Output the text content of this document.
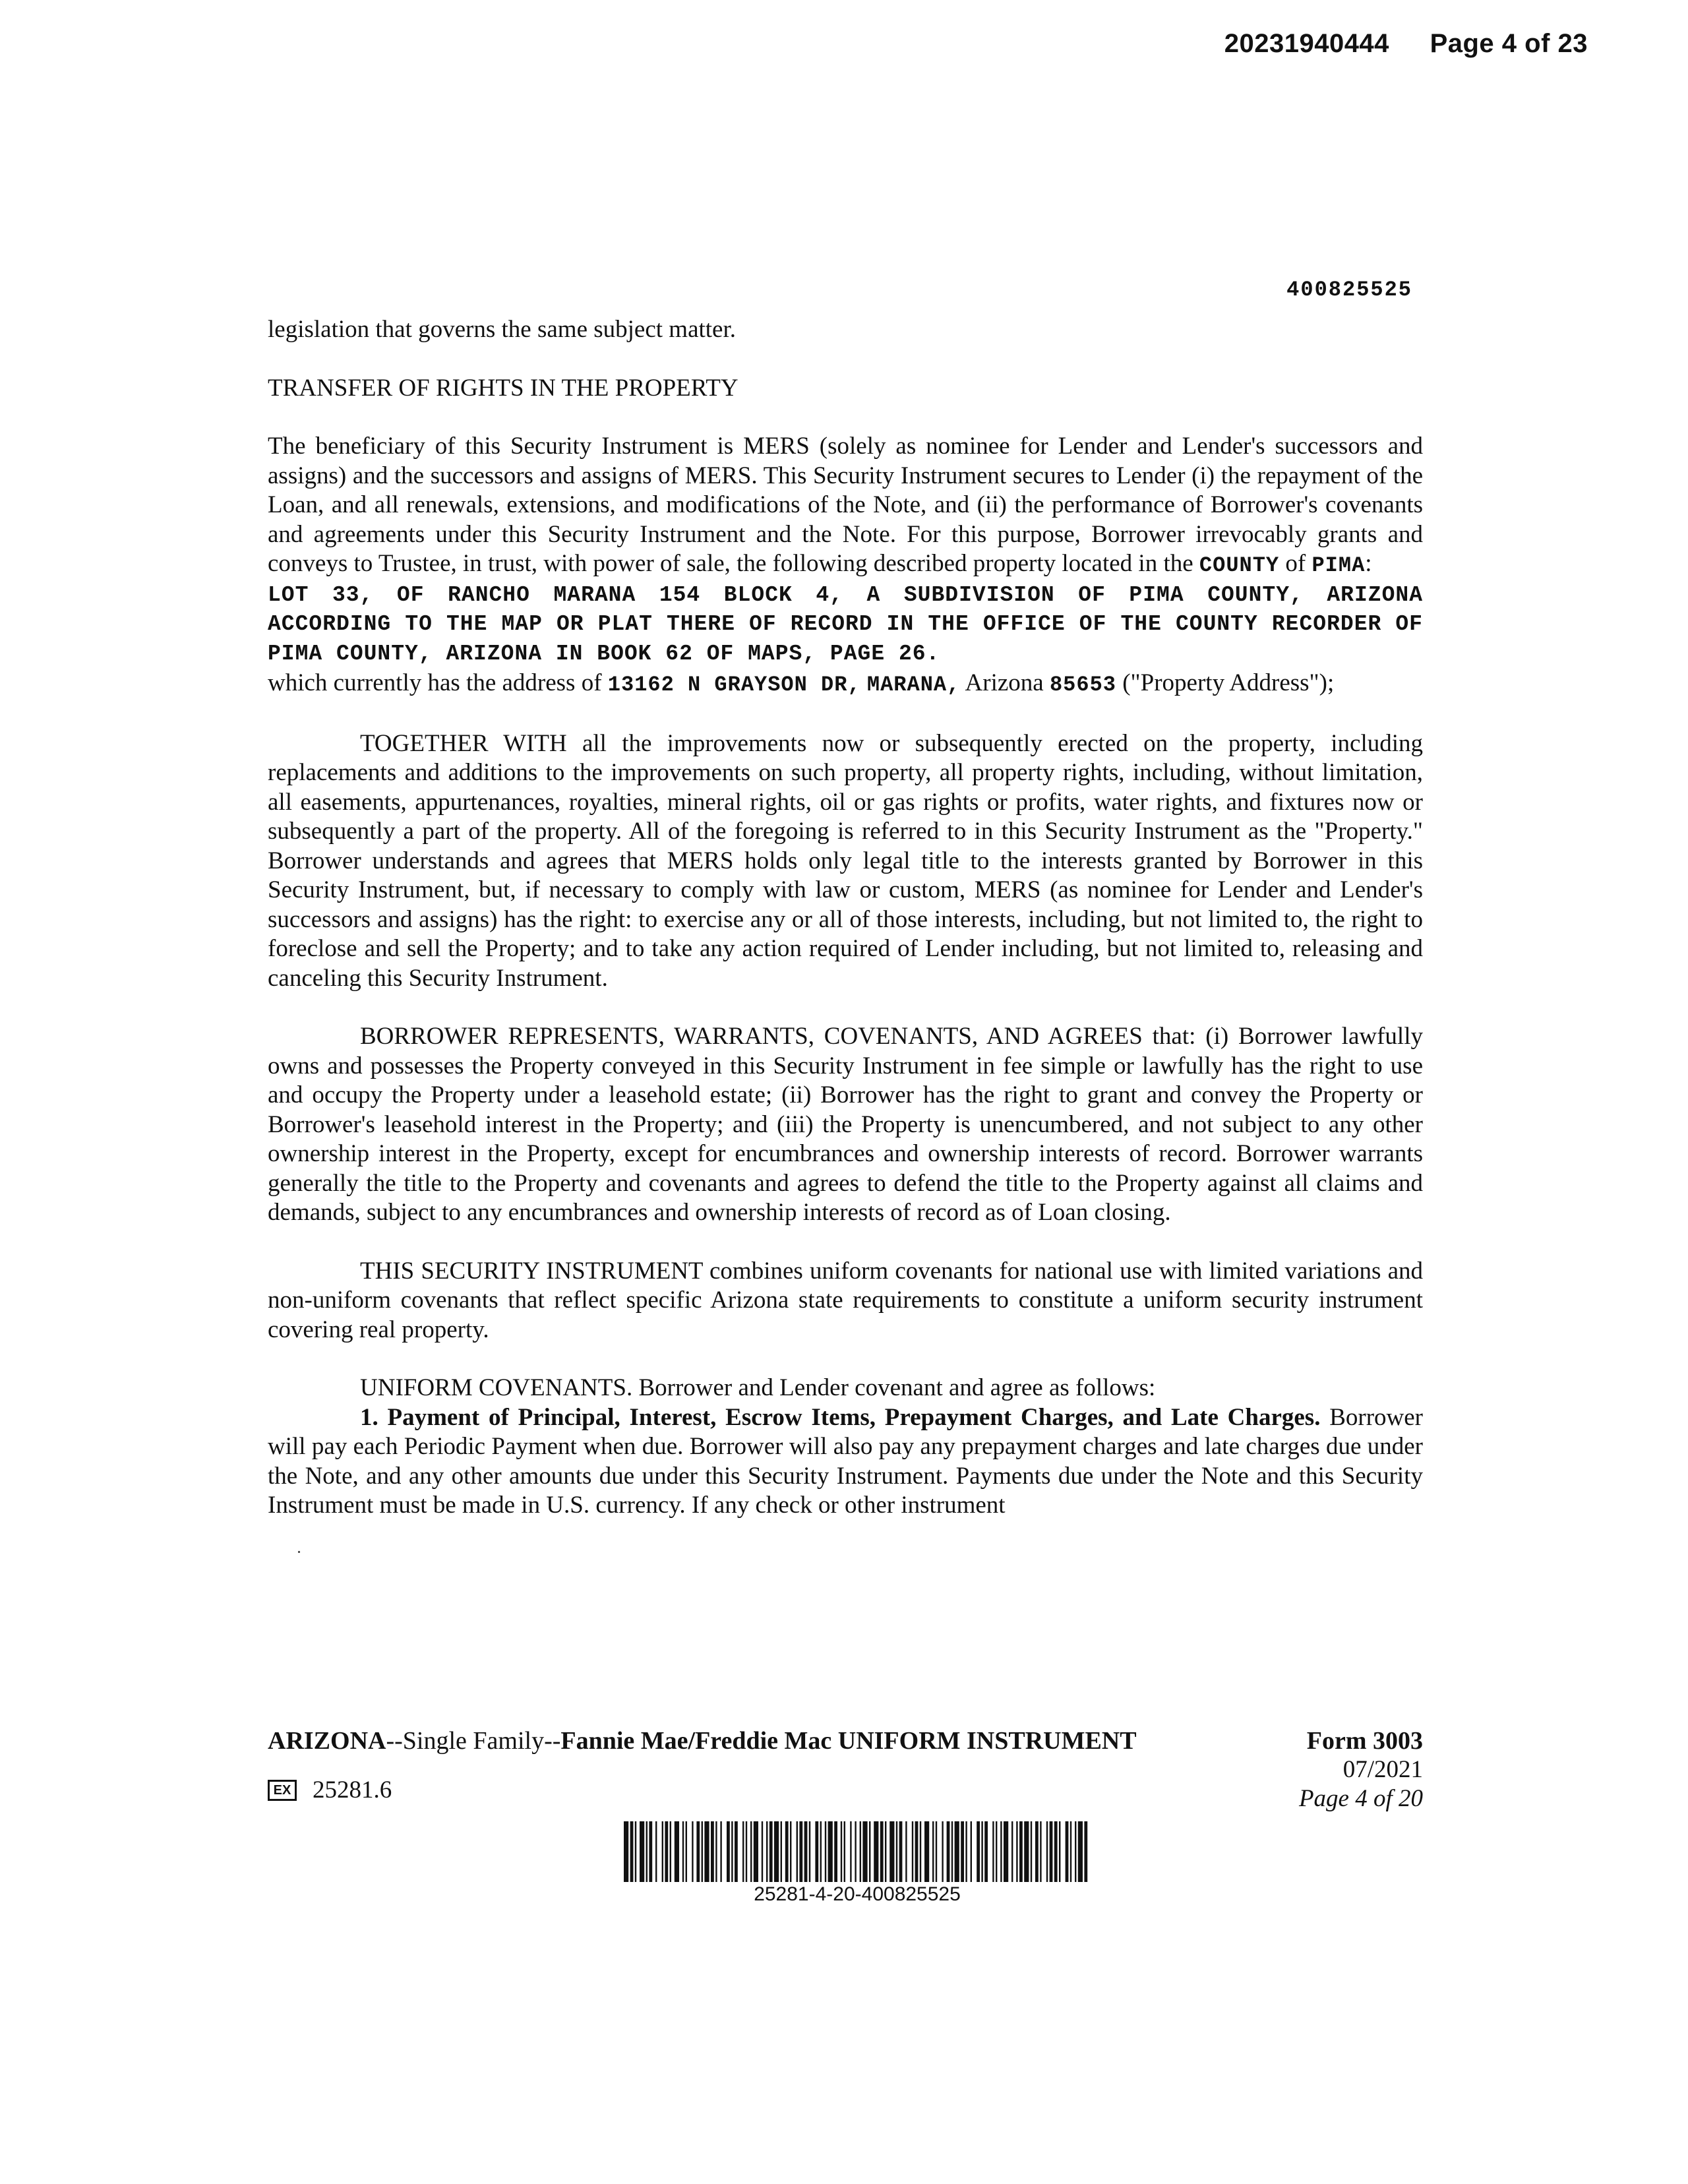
20231940444 Page 4 of 23
400825525

legislation that governs the same subject matter.

TRANSFER OF RIGHTS IN THE PROPERTY

The beneficiary of this Security Instrument is MERS (solely as nominee for Lender and Lender's successors and assigns) and the successors and assigns of MERS. This Security Instrument secures to Lender (i) the repayment of the Loan, and all renewals, extensions, and modifications of the Note, and (ii) the performance of Borrower's covenants and agreements under this Security Instrument and the Note. For this purpose, Borrower irrevocably grants and conveys to Trustee, in trust, with power of sale, the following described property located in the COUNTY of PIMA:

LOT 33, OF RANCHO MARANA 154 BLOCK 4, A SUBDIVISION OF PIMA COUNTY, ARIZONA ACCORDING TO THE MAP OR PLAT THERE OF RECORD IN THE OFFICE OF THE COUNTY RECORDER OF PIMA COUNTY, ARIZONA IN BOOK 62 OF MAPS, PAGE 26.

which currently has the address of 13162 N GRAYSON DR, MARANA, Arizona 85653 ("Property Address");

TOGETHER WITH all the improvements now or subsequently erected on the property, including replacements and additions to the improvements on such property, all property rights, including, without limitation, all easements, appurtenances, royalties, mineral rights, oil or gas rights or profits, water rights, and fixtures now or subsequently a part of the property. All of the foregoing is referred to in this Security Instrument as the "Property." Borrower understands and agrees that MERS holds only legal title to the interests granted by Borrower in this Security Instrument, but, if necessary to comply with law or custom, MERS (as nominee for Lender and Lender's successors and assigns) has the right: to exercise any or all of those interests, including, but not limited to, the right to foreclose and sell the Property; and to take any action required of Lender including, but not limited to, releasing and canceling this Security Instrument.

BORROWER REPRESENTS, WARRANTS, COVENANTS, AND AGREES that: (i) Borrower lawfully owns and possesses the Property conveyed in this Security Instrument in fee simple or lawfully has the right to use and occupy the Property under a leasehold estate; (ii) Borrower has the right to grant and convey the Property or Borrower's leasehold interest in the Property; and (iii) the Property is unencumbered, and not subject to any other ownership interest in the Property, except for encumbrances and ownership interests of record. Borrower warrants generally the title to the Property and covenants and agrees to defend the title to the Property against all claims and demands, subject to any encumbrances and ownership interests of record as of Loan closing.

THIS SECURITY INSTRUMENT combines uniform covenants for national use with limited variations and non-uniform covenants that reflect specific Arizona state requirements to constitute a uniform security instrument covering real property.

UNIFORM COVENANTS. Borrower and Lender covenant and agree as follows:

1. Payment of Principal, Interest, Escrow Items, Prepayment Charges, and Late Charges. Borrower will pay each Periodic Payment when due. Borrower will also pay any prepayment charges and late charges due under the Note, and any other amounts due under this Security Instrument. Payments due under the Note and this Security Instrument must be made in U.S. currency. If any check or other instrument

ARIZONA--Single Family--Fannie Mae/Freddie Mac UNIFORM INSTRUMENT	Form 3003
07/2021
Page 4 of 20
EX 25281.6
25281-4-20-400825525
